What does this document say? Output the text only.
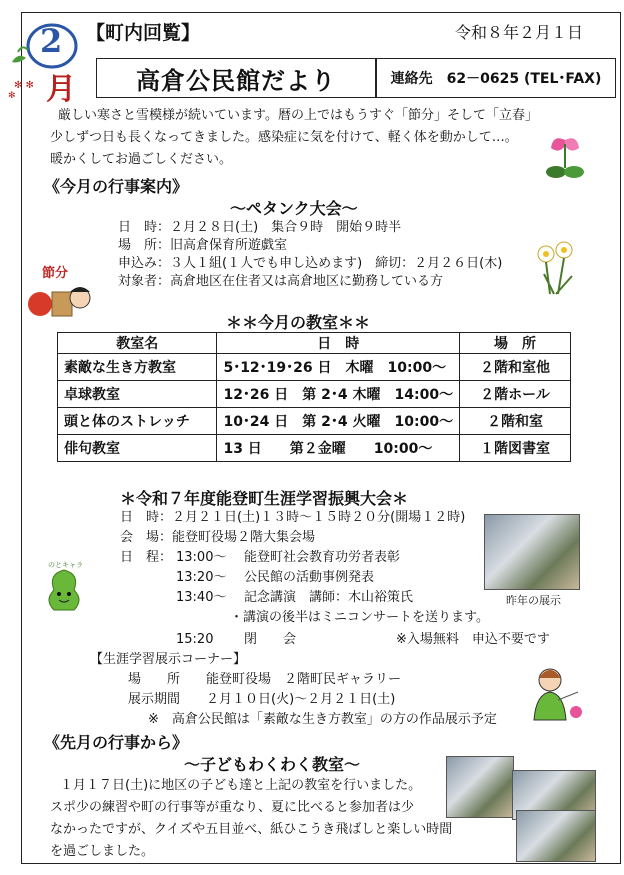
【町内回覧】	令和８年２月１日
✻ ✻
✻
2
月	高倉公民館だより	連絡先　62－0625 (TEL･FAX)
厳しい寒さと雪模様が続いています。暦の上ではもうすぐ「節分」そして「立春」
少しずつ日も長くなってきました。感染症に気を付けて、軽く体を動かして…。
暖かくしてお過ごしください。
《今月の行事案内》
～ペタンク大会～
日　時：２月２８日(土)　集合９時　開始９時半
場　所：旧高倉保育所遊戯室
申込み：３人１組(１人でも申し込めます)　締切：２月２６日(木)
対象者：高倉地区在住者又は高倉地区に勤務している方
節分
＊＊今月の教室＊＊
教室名	日　時	場　所
素敵な生き方教室	5･12･19･26 日　木曜　10:00～	２階和室他
卓球教室	12･26 日　第 2･4 木曜　14:00～	２階ホール
頭と体のストレッチ	10･24 日　第 2･4 火曜　10:00～	２階和室
俳句教室	13 日　　第２金曜　　10:00～	１階図書室
＊令和７年度能登町生涯学習振興大会＊
日　時：２月２１日(土)１３時～１５時２０分(開場１２時)
会　場：能登町役場２階大集会場
日　程： 13:00～ 能登町社会教育功労者表彰
13:20～ 公民館の活動事例発表
13:40～ 記念講演　講師：木山裕策氏
・講演の後半はミニコンサートを送ります。
15:20 閉　　会	※入場無料　申込不要です
昨年の展示
のとキャラ
【生涯学習展示コーナー】
場　　所　　能登町役場　２階町民ギャラリー
展示期間　　２月１０日(火)～２月２１日(土)
※　高倉公民館は「素敵な生き方教室」の方の作品展示予定
《先月の行事から》
～子どもわくわく教室～
１月１７日(土)に地区の子ども達と上記の教室を行いました。
スポ少の練習や町の行事等が重なり、夏に比べると参加者は少
なかったですが、クイズや五目並べ、紙ひこうき飛ばしと楽しい時間
を過ごしました。
